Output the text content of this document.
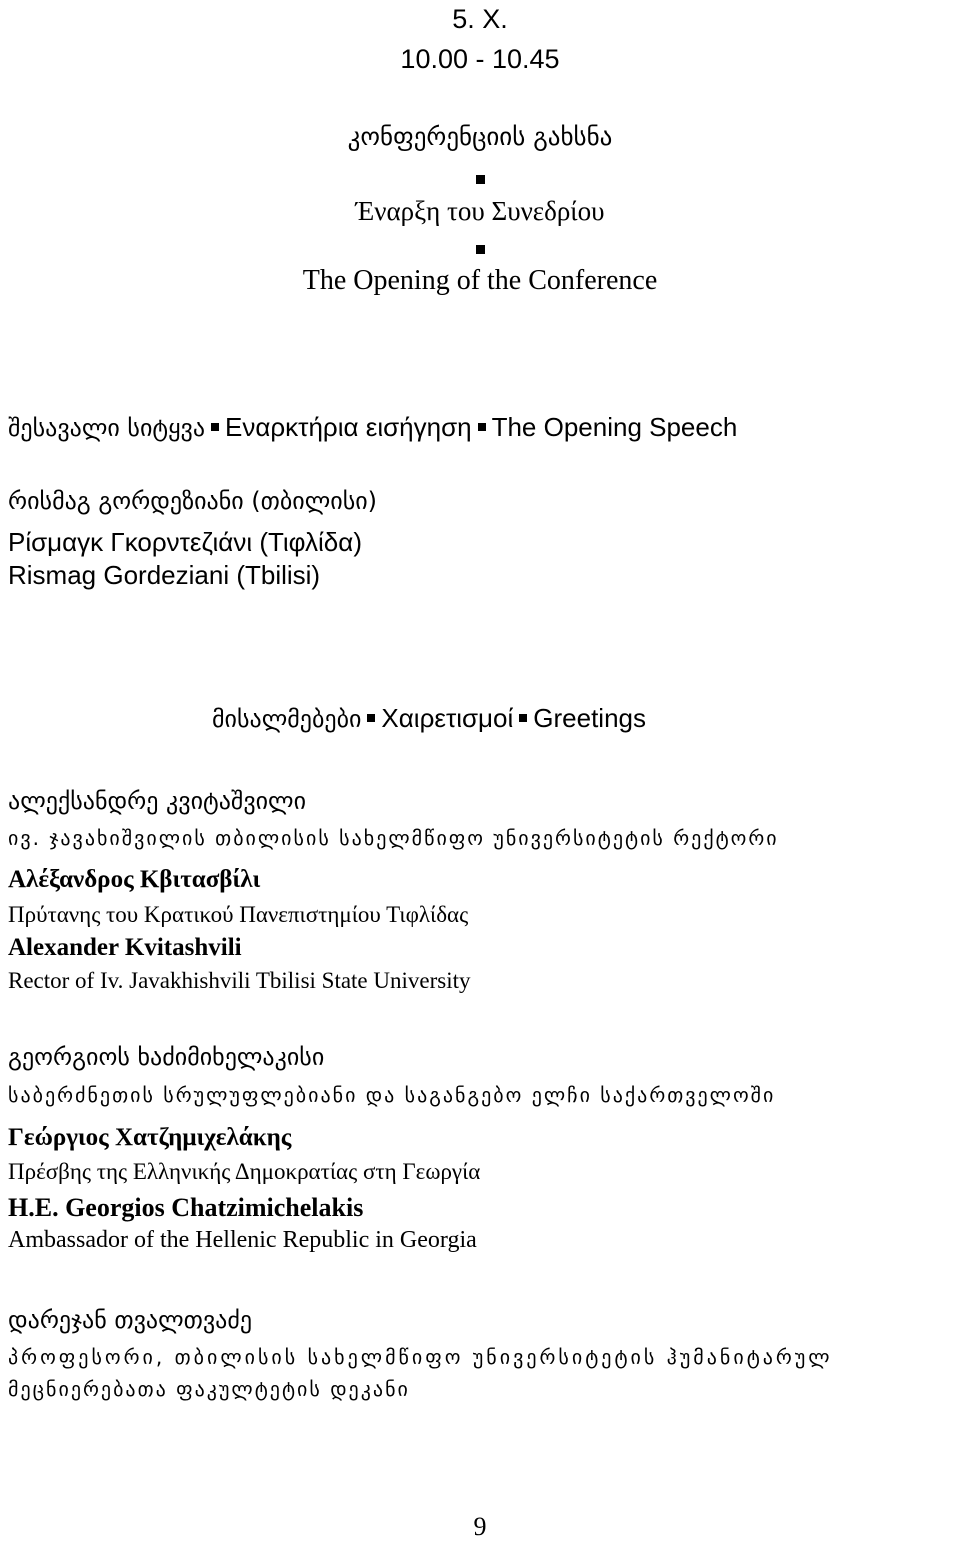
5. X.
10.00 - 10.45
კონფერენციის გახსნა
Έναρξη του Συνεδρίου
The Opening of the Conference
შესავალი სიტყვა Εναρκτήρια εισήγηση The Opening Speech
რისმაგ გორდეზიანი (თბილისი)
Ρίσμαγκ Γκορντεζιάνι (Τιφλίδα)
Rismag Gordeziani (Tbilisi)
მისალმებები Χαιρετισμοί Greetings
ალექსანდრე კვიტაშვილი
ივ. ჯავახიშვილის თბილისის სახელმწიფო უნივერსიტეტის რექტორი
Αλέξανδρος Κβιτασβίλι
Πρύτανης του Κρατικού Πανεπιστημίου Τιφλίδας
Alexander Kvitashvili
Rector of Iv. Javakhishvili Tbilisi State University
გეორგიოს ხაძიმიხელაკისი
საბერძნეთის სრულუფლებიანი და საგანგებო ელჩი საქართველოში
Γεώργιος Χατζημιχελάκης
Πρέσβης της Ελληνικής Δημοκρατίας στη Γεωργία
H.E. Georgios Chatzimichelakis
Ambassador of the Hellenic Republic in Georgia
დარეჯან თვალთვაძე
პროფესორი, თბილისის სახელმწიფო უნივერსიტეტის ჰუმანიტარულ
მეცნიერებათა ფაკულტეტის დეკანი
9
